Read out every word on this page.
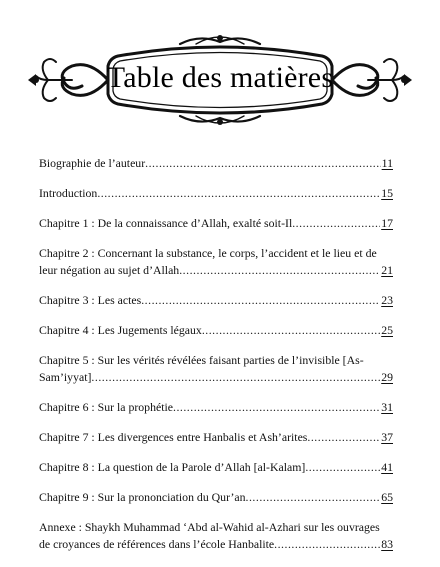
Table des matières
Biographie de l’auteur .....	11
Introduction .....	15
Chapitre 1 : De la connaissance d’Allah, exalté soit-Il .....	17
Chapitre 2 : Concernant la substance, le corps, l’accident et le lieu et de
leur négation au sujet d’Allah .....	21
Chapitre 3 : Les actes .....	23
Chapitre 4 : Les Jugements légaux .....	25
Chapitre 5 : Sur les vérités révélées faisant parties de l’invisible [As-
Sam’iyyat] .....	29
Chapitre 6 : Sur la prophétie .....	31
Chapitre 7 : Les divergences entre Hanbalis et Ash’arites .....	37
Chapitre 8 : La question de la Parole d’Allah [al-Kalam] .....	41
Chapitre 9 : Sur la prononciation du Qur’an .....	65
Annexe : Shaykh Muhammad ‘Abd al-Wahid al-Azhari sur les ouvrages
de croyances de références dans l’école Hanbalite .....	83
